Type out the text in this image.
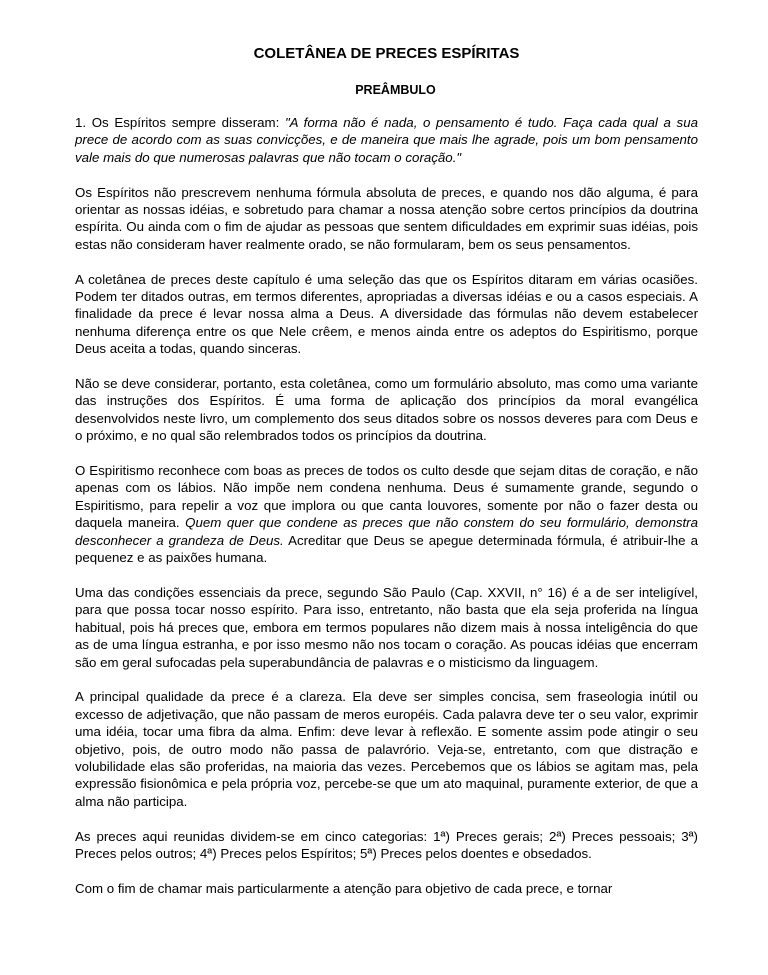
COLETÂNEA DE PRECES ESPÍRITAS
PREÂMBULO

1. Os Espíritos sempre disseram: "A forma não é nada, o pensamento é tudo. Faça cada qual a sua prece de acordo com as suas convicções, e de maneira que mais lhe agrade, pois um bom pensamento vale mais do que numerosas palavras que não tocam o coração."

Os Espíritos não prescrevem nenhuma fórmula absoluta de preces, e quando nos dão alguma, é para orientar as nossas idéias, e sobretudo para chamar a nossa atenção sobre certos princípios da doutrina espírita. Ou ainda com o fim de ajudar as pessoas que sentem dificuldades em exprimir suas idéias, pois estas não consideram haver realmente orado, se não formularam, bem os seus pensamentos.

A coletânea de preces deste capítulo é uma seleção das que os Espíritos ditaram em várias ocasiões. Podem ter ditados outras, em termos diferentes, apropriadas a diversas idéias e ou a casos especiais. A finalidade da prece é levar nossa alma a Deus. A diversidade das fórmulas não devem estabelecer nenhuma diferença entre os que Nele crêem, e menos ainda entre os adeptos do Espiritismo, porque Deus aceita a todas, quando sinceras.

Não se deve considerar, portanto, esta coletânea, como um formulário absoluto, mas como uma variante das instruções dos Espíritos. É uma forma de aplicação dos princípios da moral evangélica desenvolvidos neste livro, um complemento dos seus ditados sobre os nossos deveres para com Deus e o próximo, e no qual são relembrados todos os princípios da doutrina.

O Espiritismo reconhece com boas as preces de todos os culto desde que sejam ditas de coração, e não apenas com os lábios. Não impõe nem condena nenhuma. Deus é sumamente grande, segundo o Espiritismo, para repelir a voz que implora ou que canta louvores, somente por não o fazer desta ou daquela maneira. Quem quer que condene as preces que não constem do seu formulário, demonstra desconhecer a grandeza de Deus. Acreditar que Deus se apegue determinada fórmula, é atribuir-lhe a pequenez e as paixões humana.

Uma das condições essenciais da prece, segundo São Paulo (Cap. XXVII, n° 16) é a de ser inteligível, para que possa tocar nosso espírito. Para isso, entretanto, não basta que ela seja proferida na língua habitual, pois há preces que, embora em termos populares não dizem mais à nossa inteligência do que as de uma língua estranha, e por isso mesmo não nos tocam o coração. As poucas idéias que encerram são em geral sufocadas pela superabundância de palavras e o misticismo da linguagem.

A principal qualidade da prece é a clareza. Ela deve ser simples concisa, sem fraseologia inútil ou excesso de adjetivação, que não passam de meros européis. Cada palavra deve ter o seu valor, exprimir uma idéia, tocar uma fibra da alma. Enfim: deve levar à reflexão. E somente assim pode atingir o seu objetivo, pois, de outro modo não passa de palavrório. Veja-se, entretanto, com que distração e volubilidade elas são proferidas, na maioria das vezes. Percebemos que os lábios se agitam mas, pela expressão fisionômica e pela própria voz, percebe-se que um ato maquinal, puramente exterior, de que a alma não participa.

As preces aqui reunidas dividem-se em cinco categorias: 1ª) Preces gerais; 2ª) Preces pessoais; 3ª) Preces pelos outros; 4ª) Preces pelos Espíritos; 5ª) Preces pelos doentes e obsedados.

Com o fim de chamar mais particularmente a atenção para objetivo de cada prece, e tornar
